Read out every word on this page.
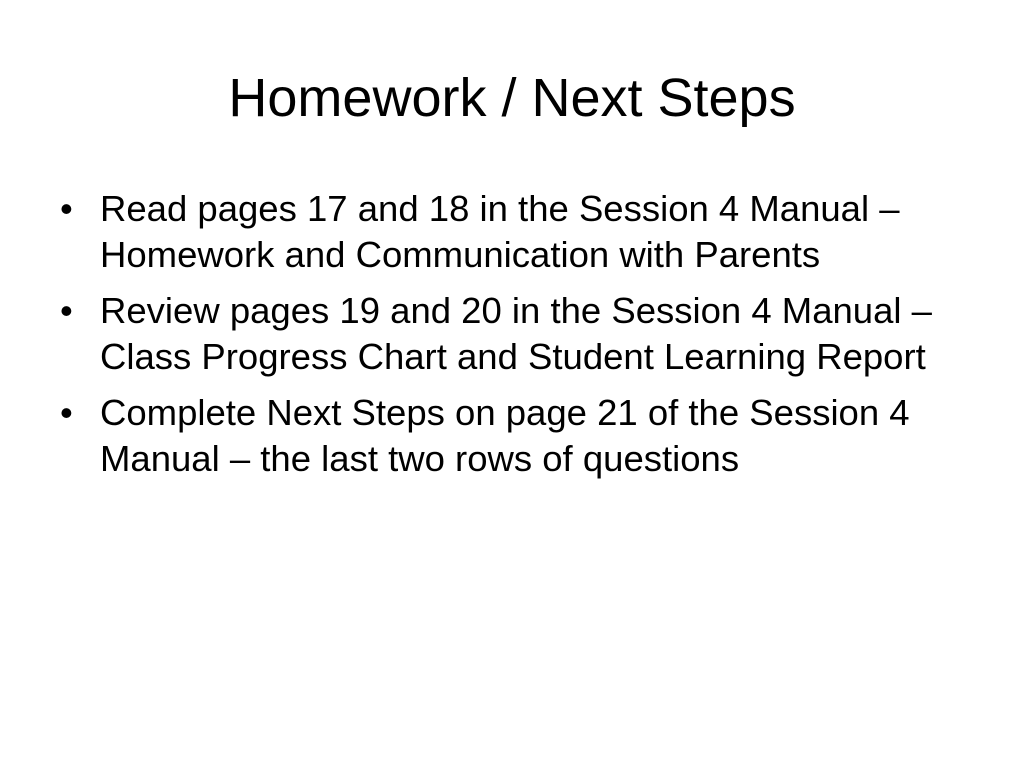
Homework / Next Steps
• Read pages 17 and 18 in the Session 4 Manual – Homework and Communication with Parents
• Review pages 19 and 20 in the Session 4 Manual – Class Progress Chart and Student Learning Report
• Complete Next Steps on page 21 of the Session 4 Manual – the last two rows of questions
